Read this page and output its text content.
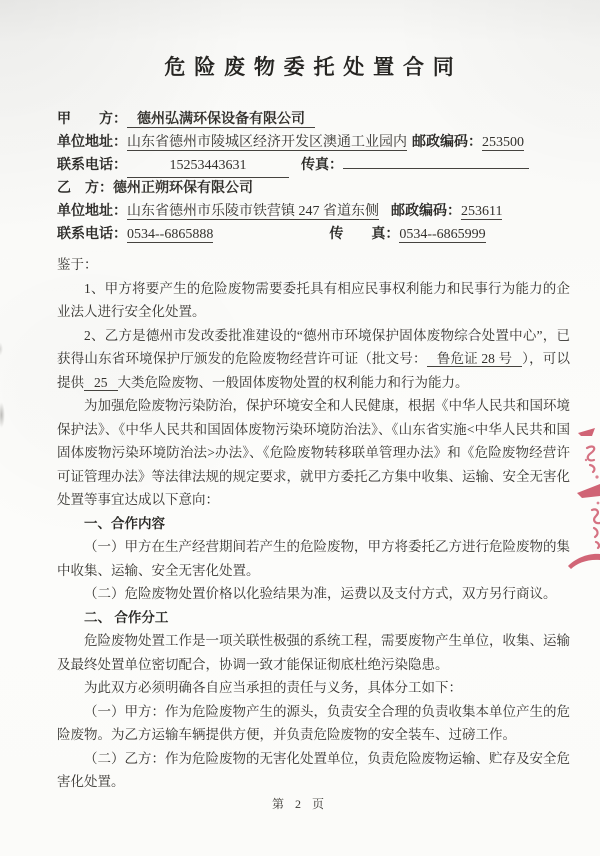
危险废物委托处置合同
甲　　方： 德州弘满环保设备有限公司
单位地址：山东省德州市陵城区经济开发区澳通工业园内 邮政编码：253500
联系电话：	15253443631	传真：
乙　方：德州正朔环保有限公司
单位地址：山东省德州市乐陵市铁营镇 247 省道东侧 邮政编码：253611
联系电话：0534--6865888	传　　真：0534--6865999

鉴于：

1、甲方将要产生的危险废物需要委托具有相应民事权利能力和民事行为能力的企业法人进行安全化处置。

2、乙方是德州市发改委批准建设的“德州市环境保护固体废物综合处置中心”，已获得山东省环境保护厅颁发的危险废物经营许可证（批文号： 鲁危证 28 号 ），可以提供 25 大类危险废物、一般固体废物处置的权利能力和行为能力。

为加强危险废物污染防治，保护环境安全和人民健康，根据《中华人民共和国环境保护法》、《中华人民共和国固体废物污染环境防治法》、《山东省实施<中华人民共和国固体废物污染环境防治法>办法》、《危险废物转移联单管理办法》和《危险废物经营许可证管理办法》等法律法规的规定要求，就甲方委托乙方集中收集、运输、安全无害化处置等事宜达成以下意向：

一、合作内容

（一）甲方在生产经营期间若产生的危险废物，甲方将委托乙方进行危险废物的集中收集、运输、安全无害化处置。

（二）危险废物处置价格以化验结果为准，运费以及支付方式，双方另行商议。

二、 合作分工

危险废物处置工作是一项关联性极强的系统工程，需要废物产生单位，收集、运输及最终处置单位密切配合，协调一致才能保证彻底杜绝污染隐患。

为此双方必须明确各自应当承担的责任与义务，具体分工如下：

（一）甲方：作为危险废物产生的源头，负责安全合理的负责收集本单位产生的危险废物。为乙方运输车辆提供方便，并负责危险废物的安全装车、过磅工作。

（二）乙方：作为危险废物的无害化处置单位，负责危险废物运输、贮存及安全危害化处置。

第 2 页
